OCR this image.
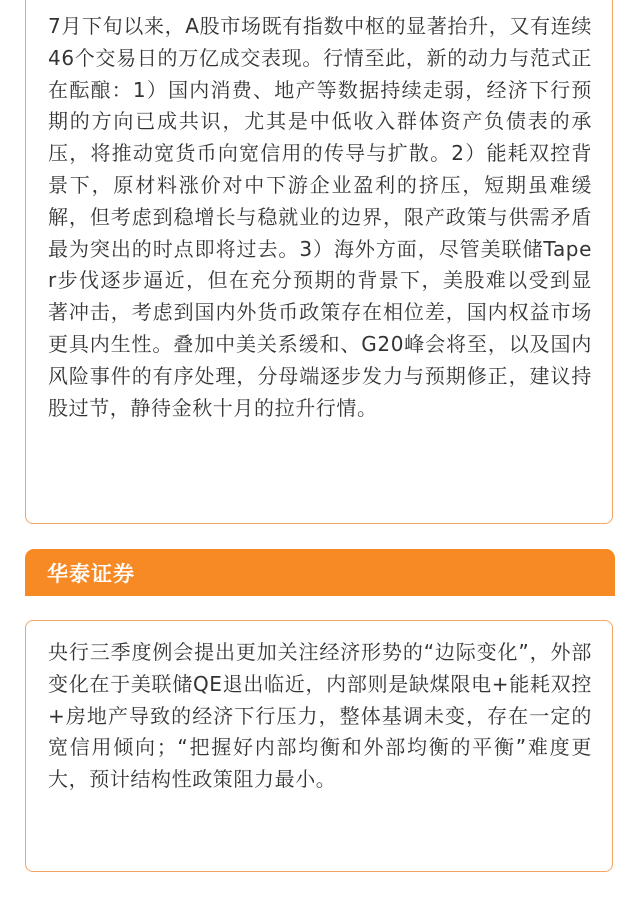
7月下旬以来，A股市场既有指数中枢的显著抬升，又有连续46个交易日的万亿成交表现。行情至此，新的动力与范式正在酝酿：1）国内消费、地产等数据持续走弱，经济下行预期的方向已成共识，尤其是中低收入群体资产负债表的承压，将推动宽货币向宽信用的传导与扩散。2）能耗双控背景下，原材料涨价对中下游企业盈利的挤压，短期虽难缓解，但考虑到稳增长与稳就业的边界，限产政策与供需矛盾最为突出的时点即将过去。3）海外方面，尽管美联储Taper步伐逐步逼近，但在充分预期的背景下，美股难以受到显著冲击，考虑到国内外货币政策存在相位差，国内权益市场更具内生性。叠加中美关系缓和、G20峰会将至，以及国内风险事件的有序处理，分母端逐步发力与预期修正，建议持股过节，静待金秋十月的拉升行情。

华泰证券

央行三季度例会提出更加关注经济形势的“边际变化”，外部变化在于美联储QE退出临近，内部则是缺煤限电+能耗双控+房地产导致的经济下行压力，整体基调未变，存在一定的宽信用倾向；“把握好内部均衡和外部均衡的平衡”难度更大，预计结构性政策阻力最小。
